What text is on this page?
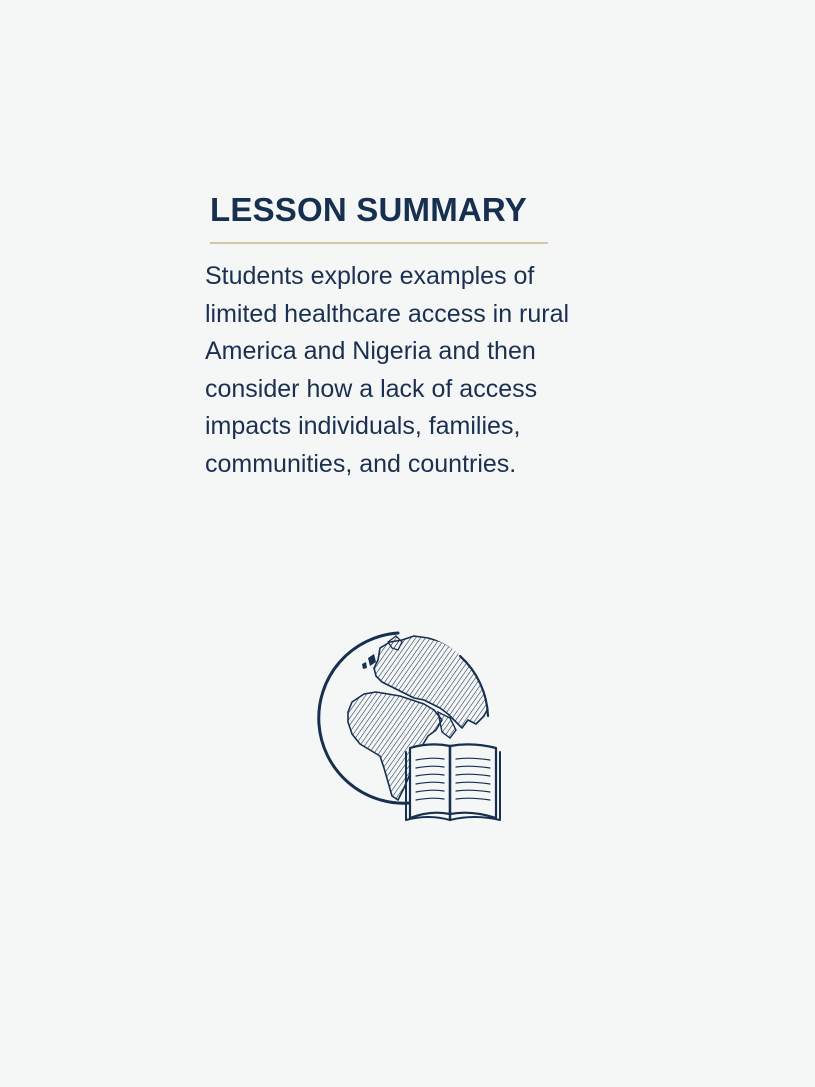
LESSON SUMMARY

Students explore examples of
limited healthcare access in rural
America and Nigeria and then
consider how a lack of access
impacts individuals, families,
communities, and countries.
